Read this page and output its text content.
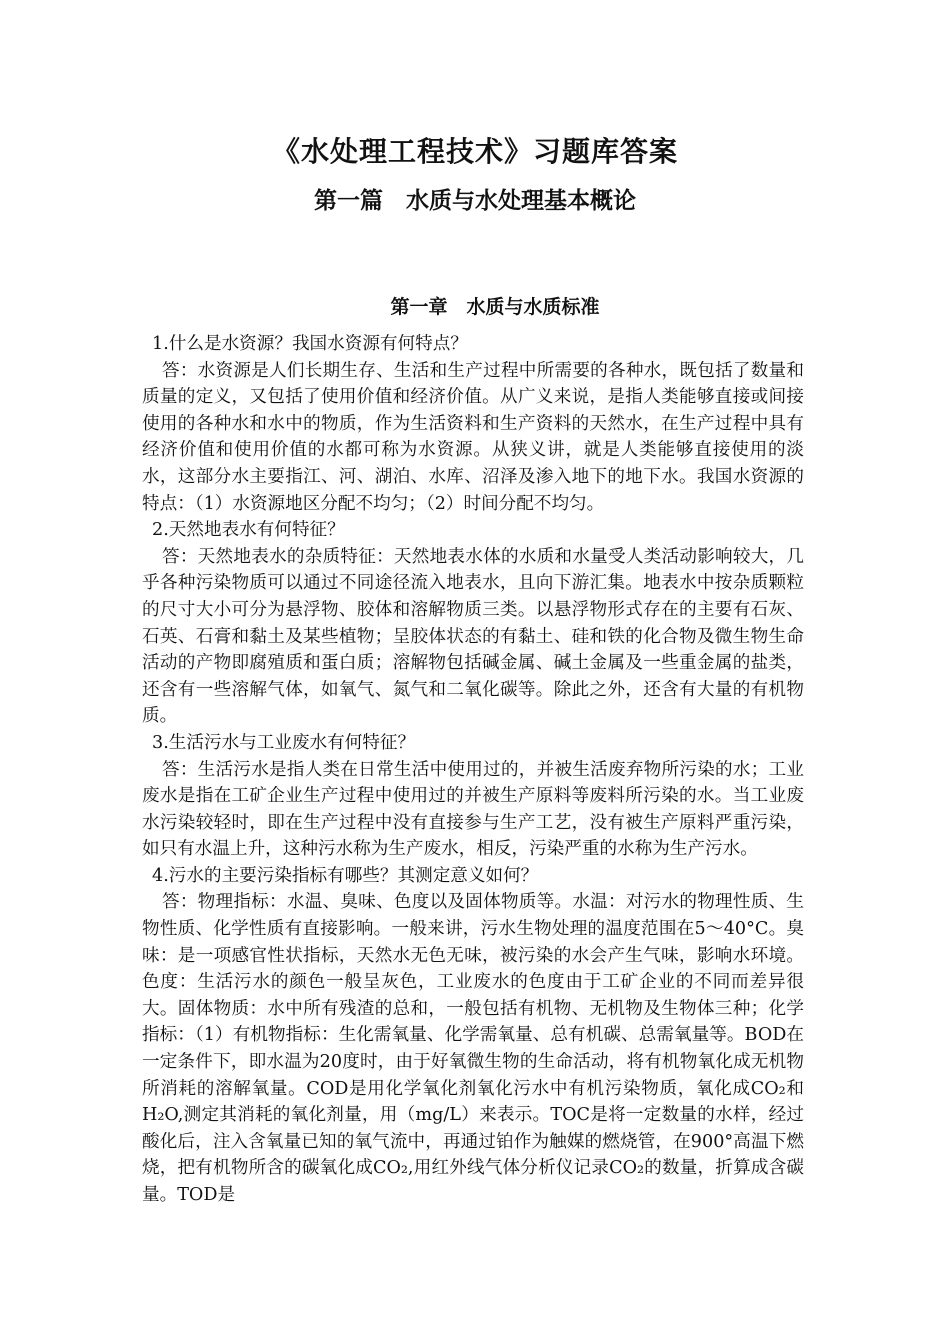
《水处理工程技术》习题库答案
第一篇　水质与水处理基本概论
第一章　水质与水质标准

1.什么是水资源？我国水资源有何特点？

答：水资源是人们长期生存、生活和生产过程中所需要的各种水，既包括了数量和质量的定义，又包括了使用价值和经济价值。从广义来说，是指人类能够直接或间接使用的各种水和水中的物质，作为生活资料和生产资料的天然水，在生产过程中具有经济价值和使用价值的水都可称为水资源。从狭义讲，就是人类能够直接使用的淡水，这部分水主要指江、河、湖泊、水库、沼泽及渗入地下的地下水。我国水资源的特点：（1）水资源地区分配不均匀；（2）时间分配不均匀。

2.天然地表水有何特征？

答：天然地表水的杂质特征：天然地表水体的水质和水量受人类活动影响较大，几乎各种污染物质可以通过不同途径流入地表水，且向下游汇集。地表水中按杂质颗粒的尺寸大小可分为悬浮物、胶体和溶解物质三类。以悬浮物形式存在的主要有石灰、石英、石膏和黏土及某些植物；呈胶体状态的有黏土、硅和铁的化合物及微生物生命活动的产物即腐殖质和蛋白质；溶解物包括碱金属、碱土金属及一些重金属的盐类，还含有一些溶解气体，如氧气、氮气和二氧化碳等。除此之外，还含有大量的有机物质。

3.生活污水与工业废水有何特征？

答：生活污水是指人类在日常生活中使用过的，并被生活废弃物所污染的水；工业废水是指在工矿企业生产过程中使用过的并被生产原料等废料所污染的水。当工业废水污染较轻时，即在生产过程中没有直接参与生产工艺，没有被生产原料严重污染，如只有水温上升，这种污水称为生产废水，相反，污染严重的水称为生产污水。

4.污水的主要污染指标有哪些？其测定意义如何？

答：物理指标：水温、臭味、色度以及固体物质等。水温：对污水的物理性质、生物性质、化学性质有直接影响。一般来讲，污水生物处理的温度范围在5～40°C。臭味：是一项感官性状指标，天然水无色无味，被污染的水会产生气味，影响水环境。色度：生活污水的颜色一般呈灰色，工业废水的色度由于工矿企业的不同而差异很大。固体物质：水中所有残渣的总和，一般包括有机物、无机物及生物体三种；化学指标：（1）有机物指标：生化需氧量、化学需氧量、总有机碳、总需氧量等。BOD在一定条件下，即水温为20度时，由于好氧微生物的生命活动，将有机物氧化成无机物所消耗的溶解氧量。COD是用化学氧化剂氧化污水中有机污染物质，氧化成CO₂和H₂O,测定其消耗的氧化剂量，用（mg/L）来表示。TOC是将一定数量的水样，经过酸化后，注入含氧量已知的氧气流中，再通过铂作为触媒的燃烧管，在900°高温下燃烧，把有机物所含的碳氧化成CO₂,用红外线气体分析仪记录CO₂的数量，折算成含碳量。TOD是
